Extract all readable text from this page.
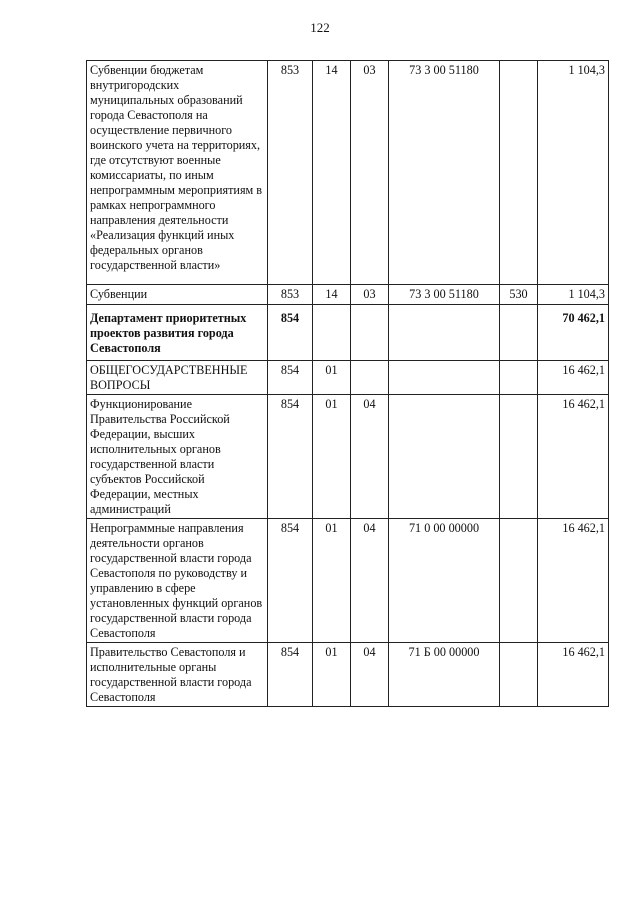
122
Субвенции бюджетам внутригородских муниципальных образований города Севастополя на осуществление первичного воинского учета на территориях, где отсутствуют военные комиссариаты, по иным непрограммным мероприятиям в рамках непрограммного направления деятельности «Реализация функций иных федеральных органов государственной власти»	853	14	03	73 3 00 51180		1 104,3
Субвенции	853	14	03	73 3 00 51180	530	1 104,3
Департамент приоритетных проектов развития города Севастополя	854					70 462,1
ОБЩЕГОСУДАРСТВЕННЫЕ ВОПРОСЫ	854	01				16 462,1
Функционирование Правительства Российской Федерации, высших исполнительных органов государственной власти субъектов Российской Федерации, местных администраций	854	01	04			16 462,1
Непрограммные направления деятельности органов государственной власти города Севастополя по руководству и управлению в сфере установленных функций органов государственной власти города Севастополя	854	01	04	71 0 00 00000		16 462,1
Правительство Севастополя и исполнительные органы государственной власти города Севастополя	854	01	04	71 Б 00 00000		16 462,1
